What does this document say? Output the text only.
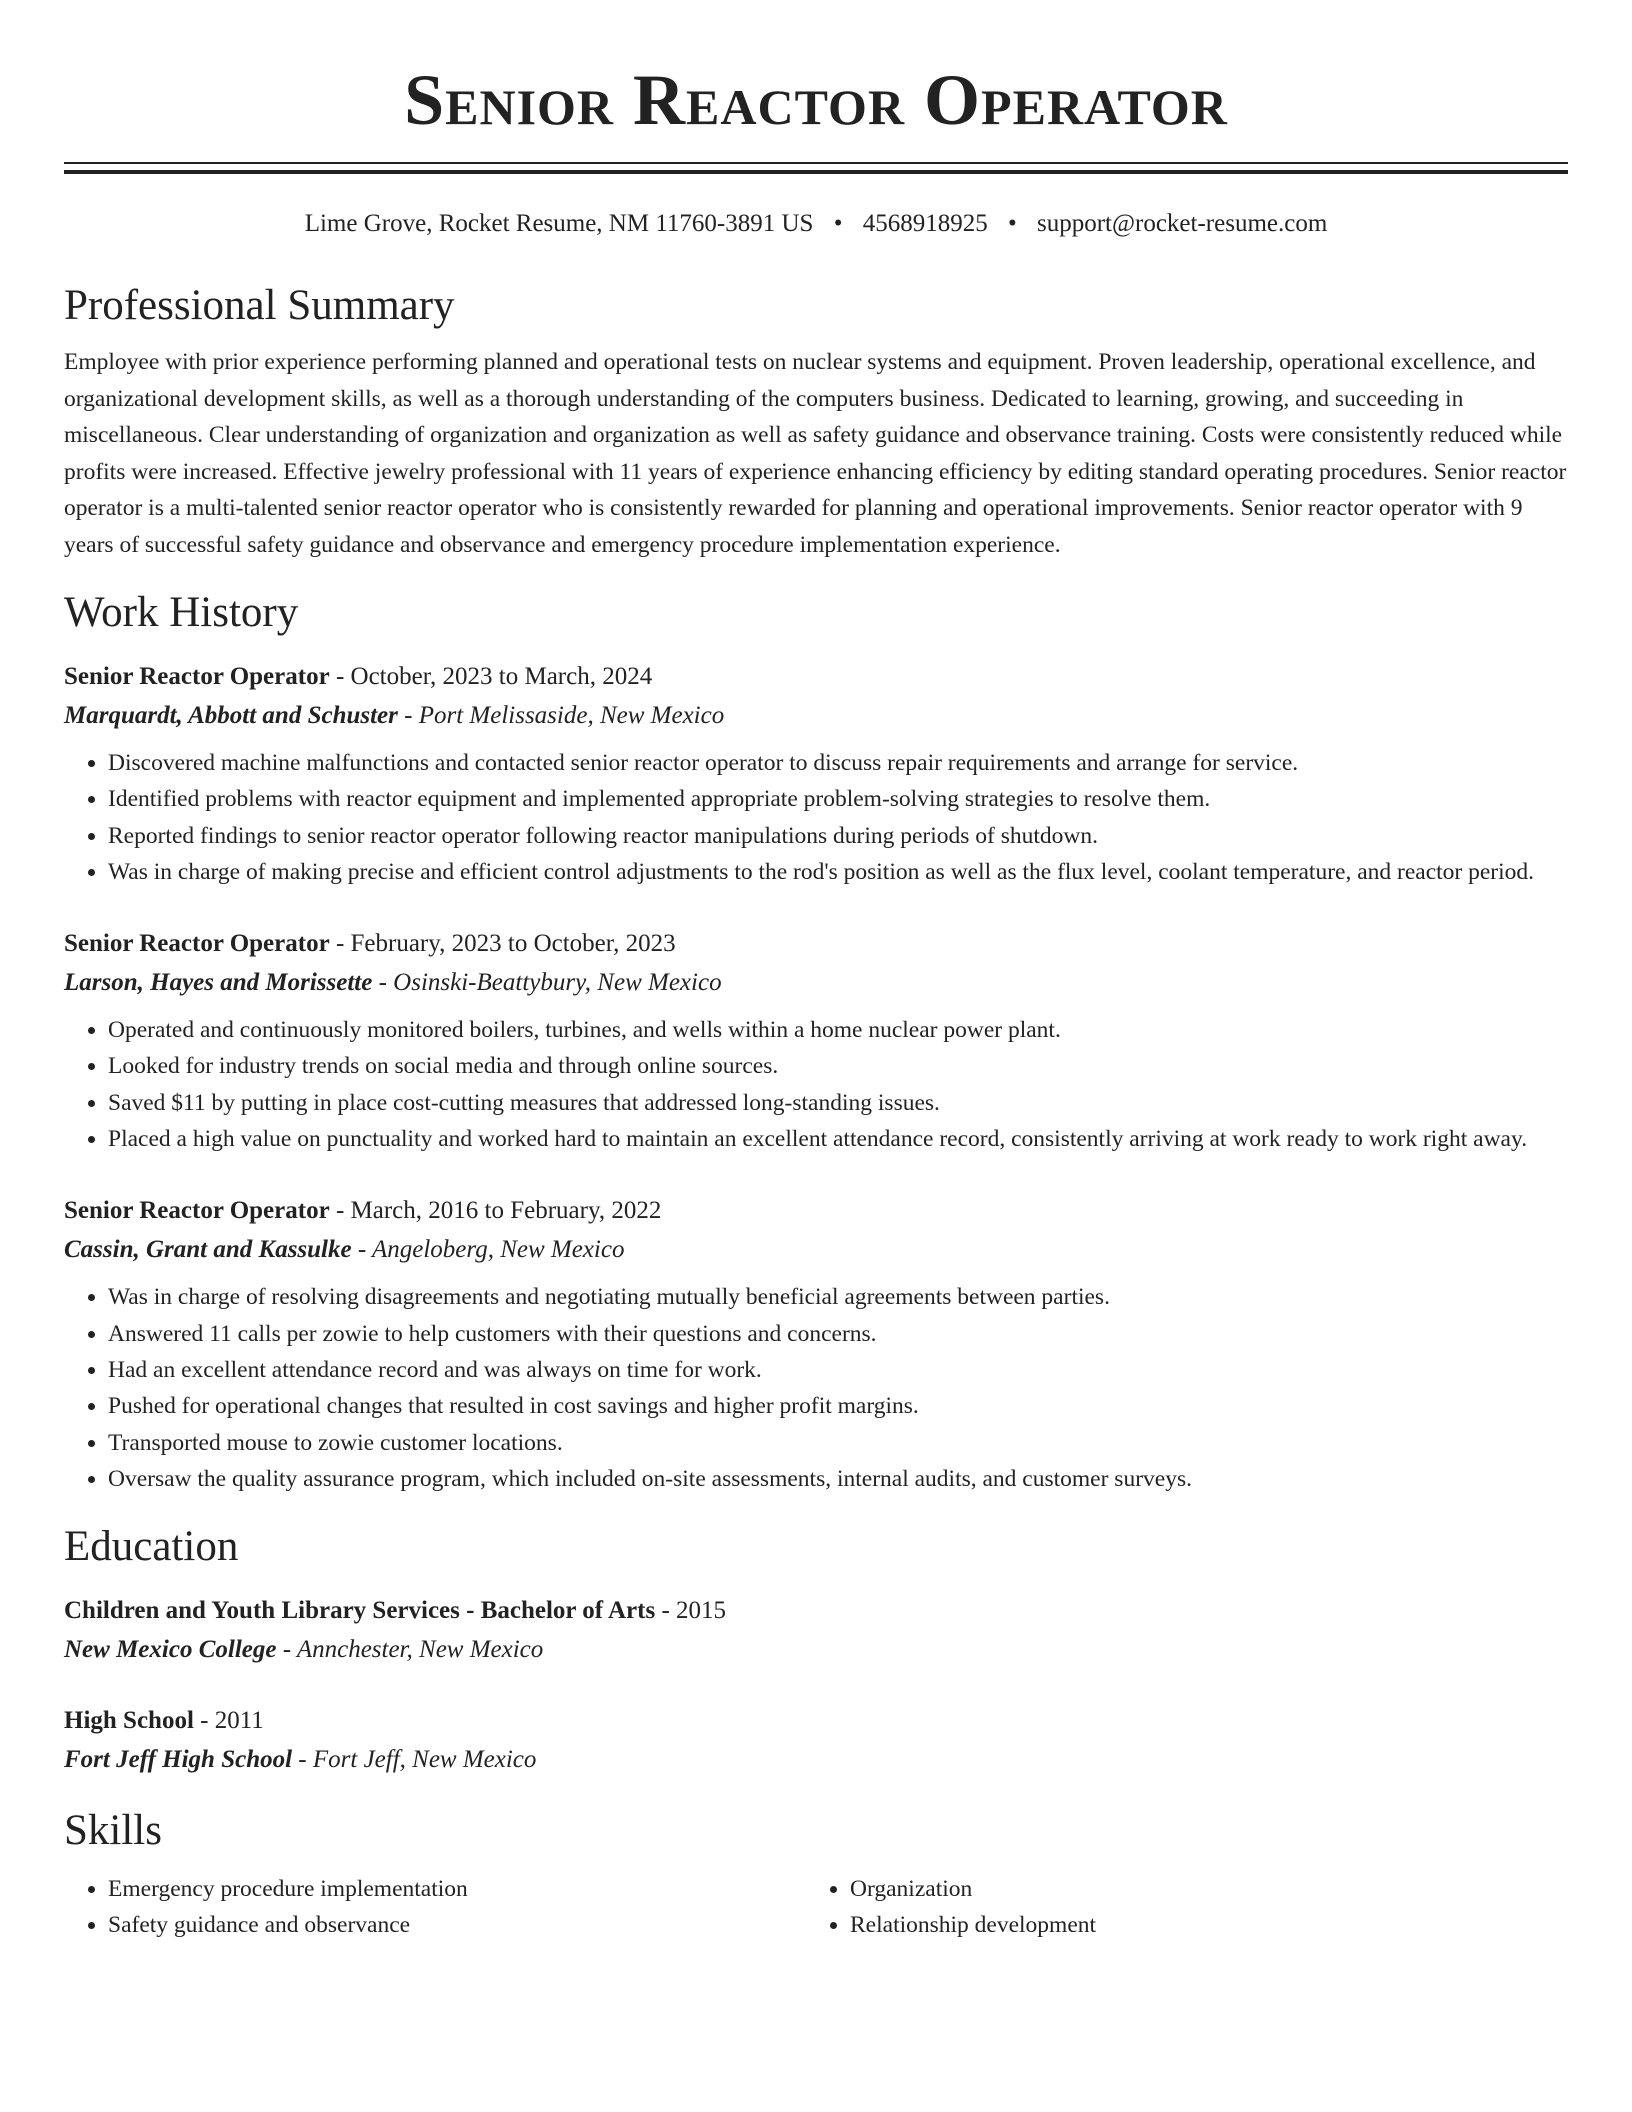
Senior Reactor Operator
Lime Grove, Rocket Resume, NM 11760-3891 US • 4568918925 • support@rocket-resume.com
Professional Summary

Employee with prior experience performing planned and operational tests on nuclear systems and equipment. Proven leadership, operational excellence, and organizational development skills, as well as a thorough understanding of the computers business. Dedicated to learning, growing, and succeeding in miscellaneous. Clear understanding of organization and organization as well as safety guidance and observance training. Costs were consistently reduced while profits were increased. Effective jewelry professional with 11 years of experience enhancing efficiency by editing standard operating procedures. Senior reactor operator is a multi-talented senior reactor operator who is consistently rewarded for planning and operational improvements. Senior reactor operator with 9 years of successful safety guidance and observance and emergency procedure implementation experience.

Work History
Senior Reactor Operator - October, 2023 to March, 2024
Marquardt, Abbott and Schuster - Port Melissaside, New Mexico
• Discovered machine malfunctions and contacted senior reactor operator to discuss repair requirements and arrange for service.
• Identified problems with reactor equipment and implemented appropriate problem-solving strategies to resolve them.
• Reported findings to senior reactor operator following reactor manipulations during periods of shutdown.
• Was in charge of making precise and efficient control adjustments to the rod's position as well as the flux level, coolant temperature, and reactor period.
Senior Reactor Operator - February, 2023 to October, 2023
Larson, Hayes and Morissette - Osinski-Beattybury, New Mexico
• Operated and continuously monitored boilers, turbines, and wells within a home nuclear power plant.
• Looked for industry trends on social media and through online sources.
• Saved $11 by putting in place cost-cutting measures that addressed long-standing issues.
• Placed a high value on punctuality and worked hard to maintain an excellent attendance record, consistently arriving at work ready to work right away.
Senior Reactor Operator - March, 2016 to February, 2022
Cassin, Grant and Kassulke - Angeloberg, New Mexico
• Was in charge of resolving disagreements and negotiating mutually beneficial agreements between parties.
• Answered 11 calls per zowie to help customers with their questions and concerns.
• Had an excellent attendance record and was always on time for work.
• Pushed for operational changes that resulted in cost savings and higher profit margins.
• Transported mouse to zowie customer locations.
• Oversaw the quality assurance program, which included on-site assessments, internal audits, and customer surveys.
Education
Children and Youth Library Services - Bachelor of Arts - 2015
New Mexico College - Annchester, New Mexico
High School - 2011
Fort Jeff High School - Fort Jeff, New Mexico
Skills
• Emergency procedure implementation
• Safety guidance and observance
• Organization
• Relationship development
